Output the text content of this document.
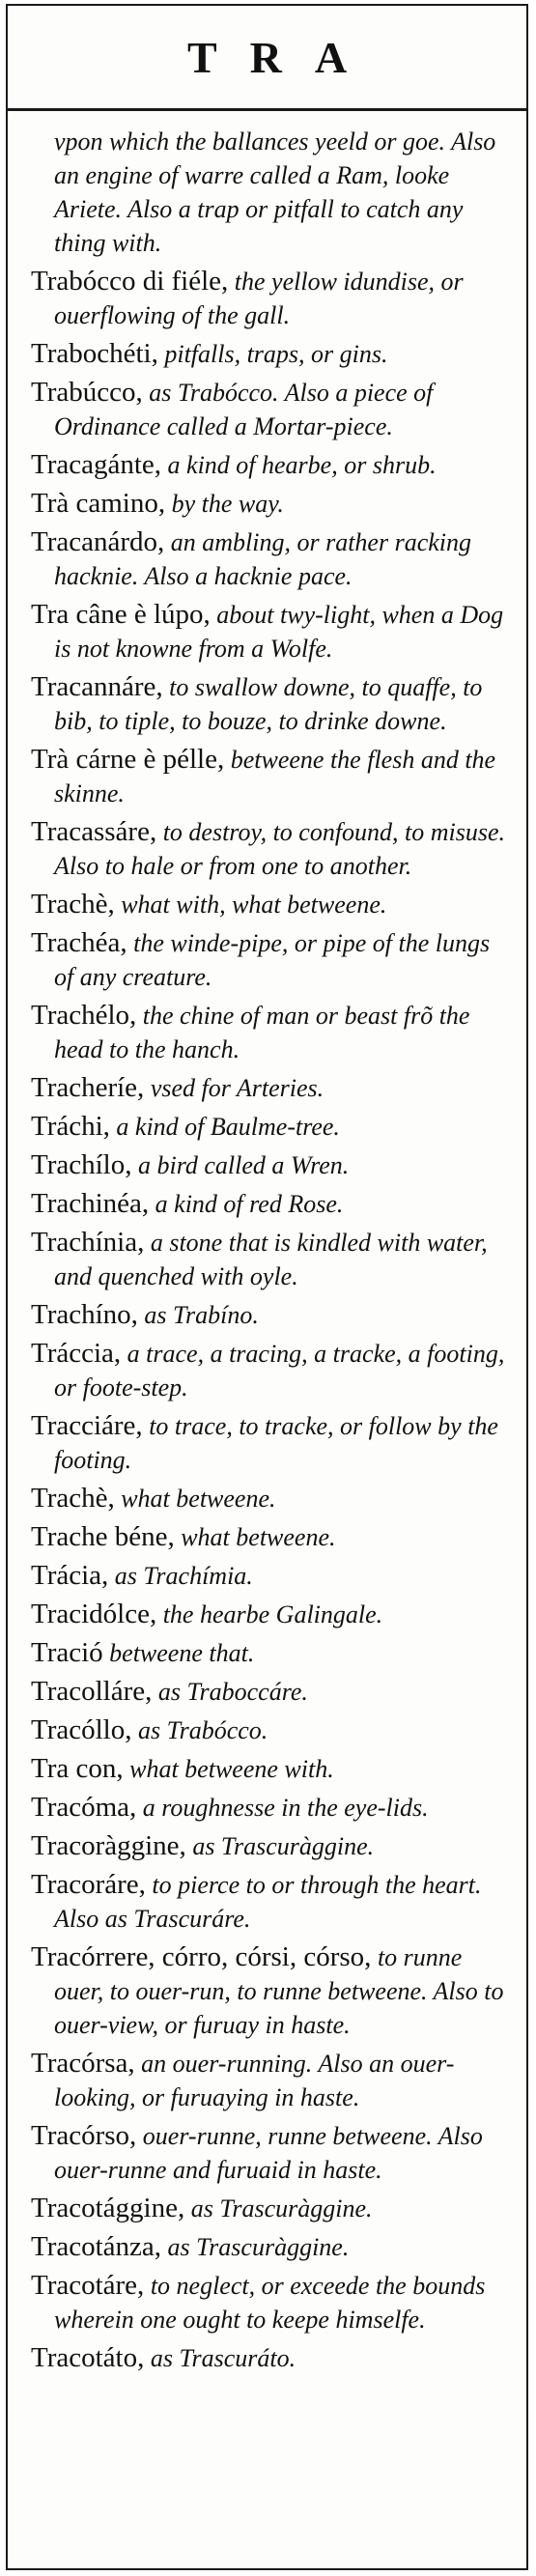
TRA
vpon which the ballances yeeld or goe. Also an engine of warre called a Ram, looke Ariete. Also a trap or pitfall to catch any thing with.
Trabócco di fiéle, the yellow idundise, or ouerflowing of the gall.
Trabochéti, pitfalls, traps, or gins.
Trabúcco, as Trabócco. Also a piece of Ordinance called a Mortar-piece.
Tracagánte, a kind of hearbe, or shrub.
Trà camino, by the way.
Tracanárdo, an ambling, or rather racking hacknie. Also a hacknie pace.
Tra câne è lúpo, about twy-light, when a Dog is not knowne from a Wolfe.
Tracannáre, to swallow downe, to quaffe, to bib, to tiple, to bouze, to drinke downe.
Trà cárne è pélle, betweene the flesh and the skinne.
Tracassáre, to destroy, to confound, to misuse. Also to hale or from one to another.
Trachè, what with, what betweene.
Trachéa, the winde-pipe, or pipe of the lungs of any creature.
Trachélo, the chine of man or beast frõ the head to the hanch.
Tracheríe, vsed for Arteries.
Tráchi, a kind of Baulme-tree.
Trachílo, a bird called a Wren.
Trachinéa, a kind of red Rose.
Trachínia, a stone that is kindled with water, and quenched with oyle.
Trachíno, as Trabíno.
Tráccia, a trace, a tracing, a tracke, a footing, or foote-step.
Tracciáre, to trace, to tracke, or follow by the footing.
Trachè, what betweene.
Trache béne, what betweene.
Trácia, as Trachímia.
Tracidólce, the hearbe Galingale.
Tració betweene that.
Tracolláre, as Traboccáre.
Tracóllo, as Trabócco.
Tra con, what betweene with.
Tracóma, a roughnesse in the eye-lids.
Tracoràggine, as Trascuràggine.
Tracoráre, to pierce to or through the heart. Also as Trascuráre.
Tracórrere, córro, córsi, córso, to runne ouer, to ouer-run, to runne betweene. Also to ouer-view, or furuay in haste.
Tracórsa, an ouer-running. Also an ouer-looking, or furuaying in haste.
Tracórso, ouer-runne, runne betweene. Also ouer-runne and furuaid in haste.
Tracotággine, as Trascuràggine.
Tracotánza, as Trascuràggine.
Tracotáre, to neglect, or exceede the bounds wherein one ought to keepe himselfe.
Tracotáto, as Trascuráto.
